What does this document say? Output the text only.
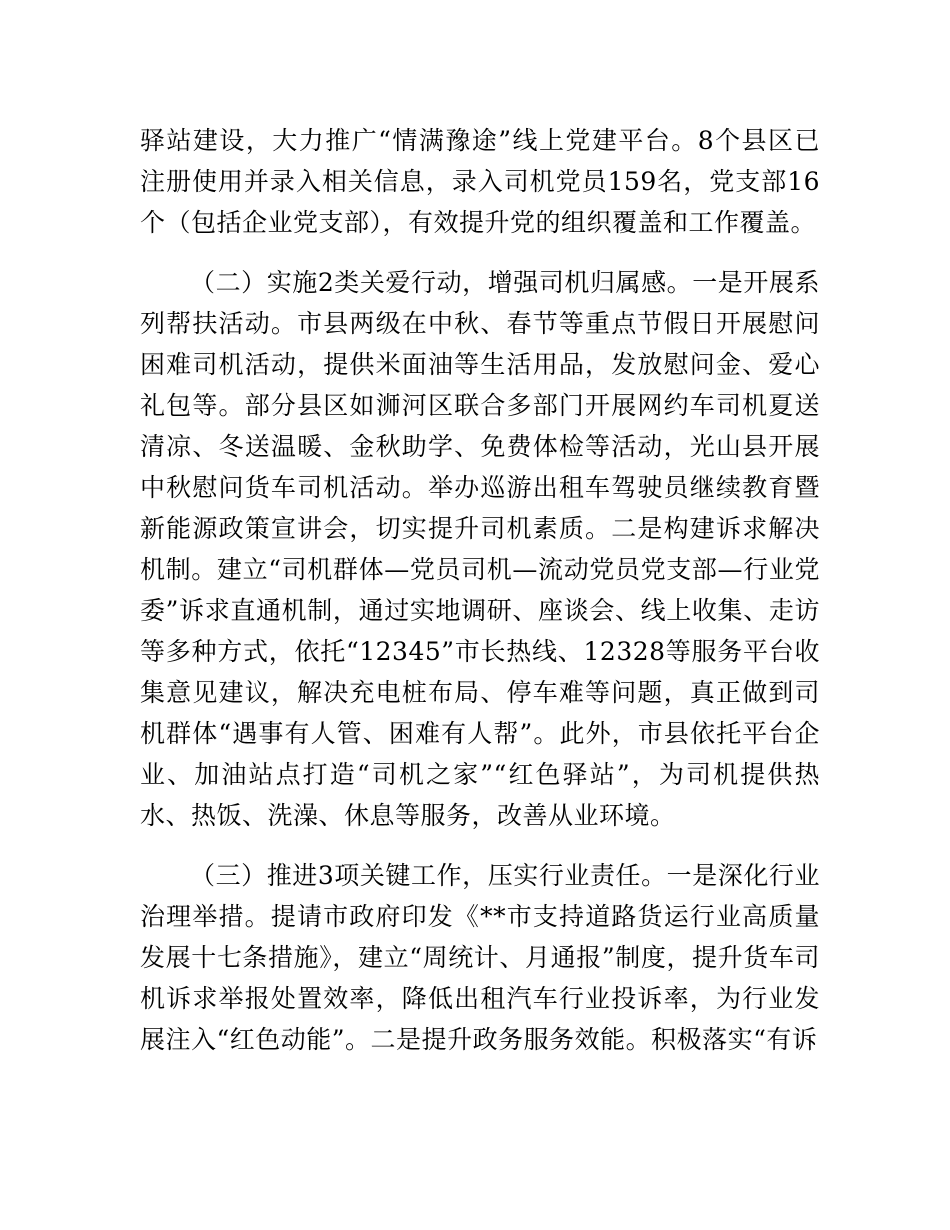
驿站建设，大力推广“情满豫途”线上党建平台。8个县区已注册使用并录入相关信息，录入司机党员159名，党支部16个（包括企业党支部），有效提升党的组织覆盖和工作覆盖。

（二）实施2类关爱行动，增强司机归属感。一是开展系列帮扶活动。市县两级在中秋、春节等重点节假日开展慰问困难司机活动，提供米面油等生活用品，发放慰问金、爱心礼包等。部分县区如浉河区联合多部门开展网约车司机夏送清凉、冬送温暖、金秋助学、免费体检等活动，光山县开展中秋慰问货车司机活动。举办巡游出租车驾驶员继续教育暨新能源政策宣讲会，切实提升司机素质。二是构建诉求解决机制。建立“司机群体—党员司机—流动党员党支部—行业党委”诉求直通机制，通过实地调研、座谈会、线上收集、走访等多种方式，依托“12345”市长热线、12328等服务平台收集意见建议，解决充电桩布局、停车难等问题，真正做到司机群体“遇事有人管、困难有人帮”。此外，市县依托平台企业、加油站点打造“司机之家”“红色驿站”，为司机提供热水、热饭、洗澡、休息等服务，改善从业环境。

（三）推进3项关键工作，压实行业责任。一是深化行业治理举措。提请市政府印发《**市支持道路货运行业高质量发展十七条措施》，建立“周统计、月通报”制度，提升货车司机诉求举报处置效率，降低出租汽车行业投诉率，为行业发展注入“红色动能”。二是提升政务服务效能。积极落实“有诉
